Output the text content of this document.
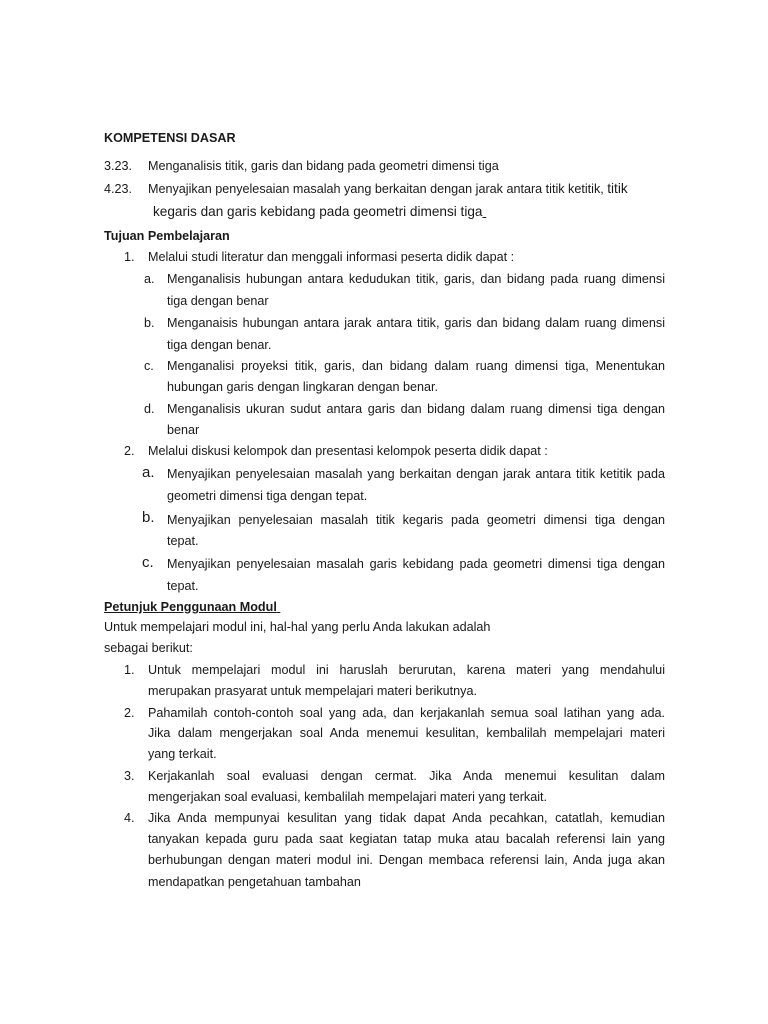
KOMPETENSI DASAR
3.23. Menganalisis titik, garis dan bidang pada geometri dimensi tiga
4.23. Menyajikan penyelesaian masalah yang berkaitan dengan jarak antara titik ketitik, titik
kegaris dan garis kebidang pada geometri dimensi tiga
Tujuan Pembelajaran
1. Melalui studi literatur dan menggali informasi peserta didik dapat :
a. Menganalisis hubungan antara kedudukan titik, garis, dan bidang pada ruang dimensi
tiga dengan benar
b. Menganaisis hubungan antara jarak antara titik, garis dan bidang dalam ruang dimensi
tiga dengan benar.
c. Menganalisi proyeksi titik, garis, dan bidang dalam ruang dimensi tiga, Menentukan
hubungan garis dengan lingkaran dengan benar.
d. Menganalisis ukuran sudut antara garis dan bidang dalam ruang dimensi tiga dengan
benar
2. Melalui diskusi kelompok dan presentasi kelompok peserta didik dapat :
a. Menyajikan penyelesaian masalah yang berkaitan dengan jarak antara titik ketitik pada
geometri dimensi tiga dengan tepat.
b. Menyajikan penyelesaian masalah titik kegaris pada geometri dimensi tiga dengan
tepat.
c. Menyajikan penyelesaian masalah garis kebidang pada geometri dimensi tiga dengan
tepat.
Petunjuk Penggunaan Modul
Untuk mempelajari modul ini, hal-hal yang perlu Anda lakukan adalah
sebagai berikut:
1. Untuk mempelajari modul ini haruslah berurutan, karena materi yang mendahului
merupakan prasyarat untuk mempelajari materi berikutnya.
2. Pahamilah contoh-contoh soal yang ada, dan kerjakanlah semua soal latihan yang ada.
Jika dalam mengerjakan soal Anda menemui kesulitan, kembalilah mempelajari materi
yang terkait.
3. Kerjakanlah soal evaluasi dengan cermat. Jika Anda menemui kesulitan dalam
mengerjakan soal evaluasi, kembalilah mempelajari materi yang terkait.
4. Jika Anda mempunyai kesulitan yang tidak dapat Anda pecahkan, catatlah, kemudian
tanyakan kepada guru pada saat kegiatan tatap muka atau bacalah referensi lain yang
berhubungan dengan materi modul ini. Dengan membaca referensi lain, Anda juga akan
mendapatkan pengetahuan tambahan
